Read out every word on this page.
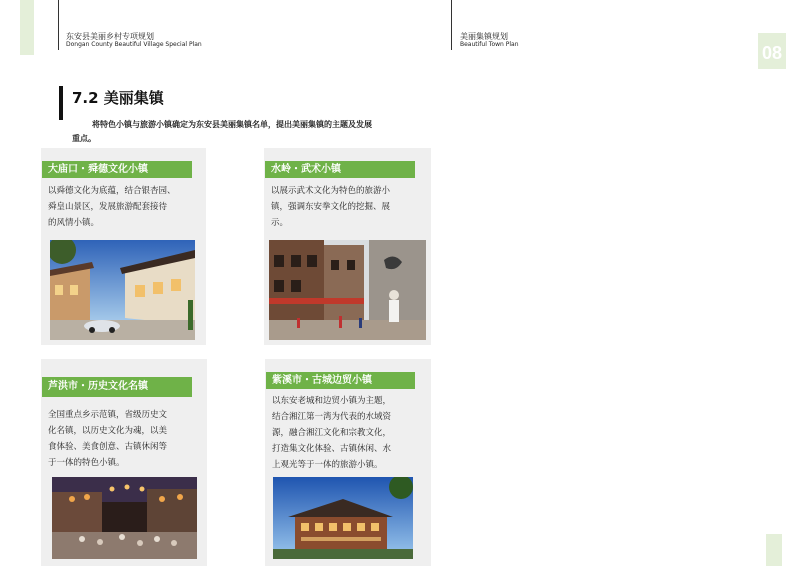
东安县美丽乡村专项规划
Dongan County Beautiful Village Special Plan
美丽集镇规划
Beautiful Town Plan	08
7.2 美丽集镇
将特色小镇与旅游小镇确定为东安县美丽集镇名单，提出美丽集镇的主题及发展
重点。
大庙口・舜德文化小镇
以舜德文化为底蕴，结合银杏园、
舜皇山景区，发展旅游配套接待
的风情小镇。
水岭・武术小镇
以展示武术文化为特色的旅游小
镇，强调东安拳文化的挖掘、展
示。
芦洪市・历史文化名镇
全国重点乡示范镇，省级历史文
化名镇，以历史文化为魂，以美
食体验、美食创意、古镇休闲等
于一体的特色小镇。
紫溪市・古城边贸小镇
以东安老城和边贸小镇为主题，
结合湘江第一湾为代表的水域资
源，融合湘江文化和宗教文化，
打造集文化体验、古镇休闲、水
上观光等于一体的旅游小镇。
